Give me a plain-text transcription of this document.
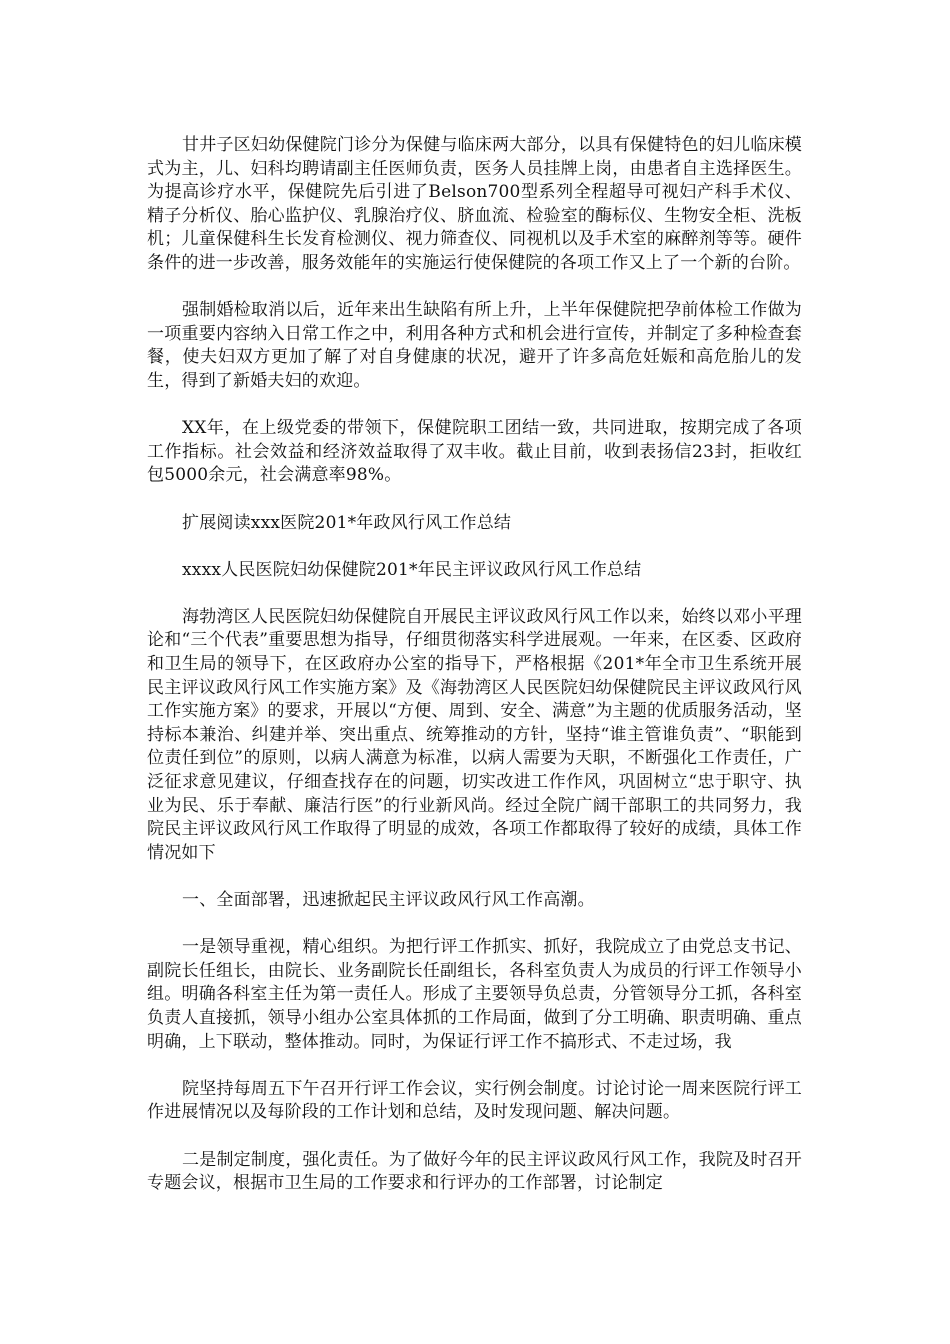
甘井子区妇幼保健院门诊分为保健与临床两大部分，以具有保健特色的妇儿临床模式为主，儿、妇科均聘请副主任医师负责，医务人员挂牌上岗，由患者自主选择医生。为提高诊疗水平，保健院先后引进了Belson700型系列全程超导可视妇产科手术仪、精子分析仪、胎心监护仪、乳腺治疗仪、脐血流、检验室的酶标仪、生物安全柜、洗板机；儿童保健科生长发育检测仪、视力筛查仪、同视机以及手术室的麻醉剂等等。硬件条件的进一步改善，服务效能年的实施运行使保健院的各项工作又上了一个新的台阶。

强制婚检取消以后，近年来出生缺陷有所上升，上半年保健院把孕前体检工作做为一项重要内容纳入日常工作之中，利用各种方式和机会进行宣传，并制定了多种检查套餐，使夫妇双方更加了解了对自身健康的状况，避开了许多高危妊娠和高危胎儿的发生，得到了新婚夫妇的欢迎。

XX年，在上级党委的带领下，保健院职工团结一致，共同进取，按期完成了各项工作指标。社会效益和经济效益取得了双丰收。截止目前，收到表扬信23封，拒收红包5000余元，社会满意率98%。

扩展阅读xxx医院201*年政风行风工作总结

xxxx人民医院妇幼保健院201*年民主评议政风行风工作总结

海勃湾区人民医院妇幼保健院自开展民主评议政风行风工作以来，始终以邓小平理论和“三个代表”重要思想为指导，仔细贯彻落实科学进展观。一年来，在区委、区政府和卫生局的领导下，在区政府办公室的指导下，严格根据《201*年全市卫生系统开展民主评议政风行风工作实施方案》及《海勃湾区人民医院妇幼保健院民主评议政风行风工作实施方案》的要求，开展以“方便、周到、安全、满意”为主题的优质服务活动，坚持标本兼治、纠建并举、突出重点、统筹推动的方针，坚持“谁主管谁负责”、“职能到位责任到位”的原则，以病人满意为标准，以病人需要为天职，不断强化工作责任，广泛征求意见建议，仔细查找存在的问题，切实改进工作作风，巩固树立“忠于职守、执业为民、乐于奉献、廉洁行医”的行业新风尚。经过全院广阔干部职工的共同努力，我院民主评议政风行风工作取得了明显的成效，各项工作都取得了较好的成绩，具体工作情况如下

一、全面部署，迅速掀起民主评议政风行风工作高潮。

一是领导重视，精心组织。为把行评工作抓实、抓好，我院成立了由党总支书记、副院长任组长，由院长、业务副院长任副组长，各科室负责人为成员的行评工作领导小组。明确各科室主任为第一责任人。形成了主要领导负总责，分管领导分工抓，各科室负责人直接抓，领导小组办公室具体抓的工作局面，做到了分工明确、职责明确、重点明确，上下联动，整体推动。同时，为保证行评工作不搞形式、不走过场，我

院坚持每周五下午召开行评工作会议，实行例会制度。讨论讨论一周来医院行评工作进展情况以及每阶段的工作计划和总结，及时发现问题、解决问题。

二是制定制度，强化责任。为了做好今年的民主评议政风行风工作，我院及时召开专题会议，根据市卫生局的工作要求和行评办的工作部署，讨论制定
